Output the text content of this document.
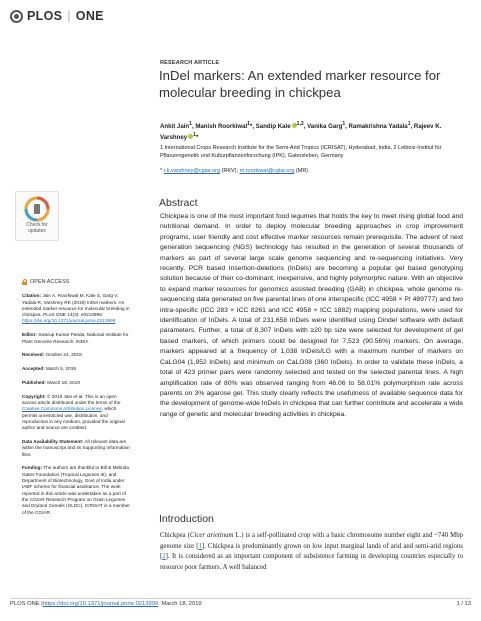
PLOS | ONE
RESEARCH ARTICLE
InDel markers: An extended marker resource for molecular breeding in chickpea
Ankit Jain$^1$, Manish Roorkiwal$^1$*, Sandip Kale $^{1,2}$, Vanika Garg$^1$, Ramakrishna Yadala$^1$, Rajeev K. Varshney $^1$*
1 International Crops Research Institute for the Semi-Arid Tropics (ICRISAT), Hyderabad, India, 2 Leibniz-Institut für Pflanzengenetik und Kulturpflanzenforschung (IPK), Gatersleben, Germany
* r.k.varshney@cgiar.org (RKV); m.roorkiwal@cgiar.org (MR)
Abstract
Chickpea is one of the most important food legumes that holds the key to meet rising global food and nutritional demand. In order to deploy molecular breeding approaches in crop improvement programs, user friendly and cost effective marker resources remain prerequisite. The advent of next generation sequencing (NGS) technology has resulted in the generation of several thousands of markers as part of several large scale genome sequencing and re-sequencing initiatives. Very recently, PCR based Insertion-deletions (InDels) are becoming a popular gel based genotyping solution because of their co-dominant, inexpensive, and highly polymorphic nature. With an objective to expand marker resources for genomics assisted breeding (GAB) in chickpea, whole genome re-sequencing data generated on five parental lines of one interspecific (ICC 4958 × PI 489777) and two intra-specific (ICC 283 × ICC 8261 and ICC 4958 × ICC 1882) mapping populations, were used for identification of InDels. A total of 231,658 InDels were identified using Dindel software with default parameters. Further, a total of 8,307 InDels with ≥20 bp size were selected for development of gel based markers, of which primers could be designed for 7,523 (90.56%) markers. On average, markers appeared at a frequency of 1,038 InDels/LG with a maximum number of markers on CaLG04 (1,952 InDels) and minimum on CaLG08 (360 InDels). In order to validate these InDels, a total of 423 primer pairs were randomly selected and tested on the selected parental lines. A high amplification rate of 80% was observed ranging from 46.06 to 58.01% polymorphism rate across parents on 3% agarose gel. This study clearly reflects the usefulness of available sequence data for the development of genome-wide InDels in chickpea that can further contribute and accelerate a wide range of genetic and molecular breeding activities in chickpea.
Check for
updates
OPEN ACCESS
Citation: Jain A, Roorkiwal M, Kale S, Garg V, Yadala R, Varshney RK (2019) InDel markers: An extended marker resource for molecular breeding in chickpea. PLoS ONE 14(3): e0213999. https://doi.org/10.1371/journal.pone.0213999
Editor: Swarup Kumar Parida, National Institute for Plant Genome Research, INDIA
Received: October 24, 2018
Accepted: March 5, 2019
Published: March 18, 2019
Copyright: © 2019 Jain et al. This is an open access article distributed under the terms of the Creative Commons Attribution License, which permits unrestricted use, distribution, and reproduction in any medium, provided the original author and source are credited.
Data Availability Statement: All relevant data are within the manuscript and its Supporting Information files.
Funding: The authors are thankful to Bill & Melinda Gates Foundation (Tropical Legumes III), and Department of Biotechnology, Govt of India under IABF scheme for financial assistance. The work reported in this article was undertaken as a part of the CGIAR Research Program on Grain Legumes and Dryland Cereals (GLDC). ICRISAT is a member of the CGIAR.
Introduction
Chickpea (Cicer arietinum L.) is a self-pollinated crop with a basic chromosome number eight and ~740 Mbp genome size [1]. Chickpea is predominantly grown on low input marginal lands of arid and semi-arid regions [2]. It is considered as an important component of subsistence farming in developing countries especially to resource poor farmers. A well balanced
PLOS ONE | https://doi.org/10.1371/journal.pone.0213999 March 18, 2019	1 / 13
